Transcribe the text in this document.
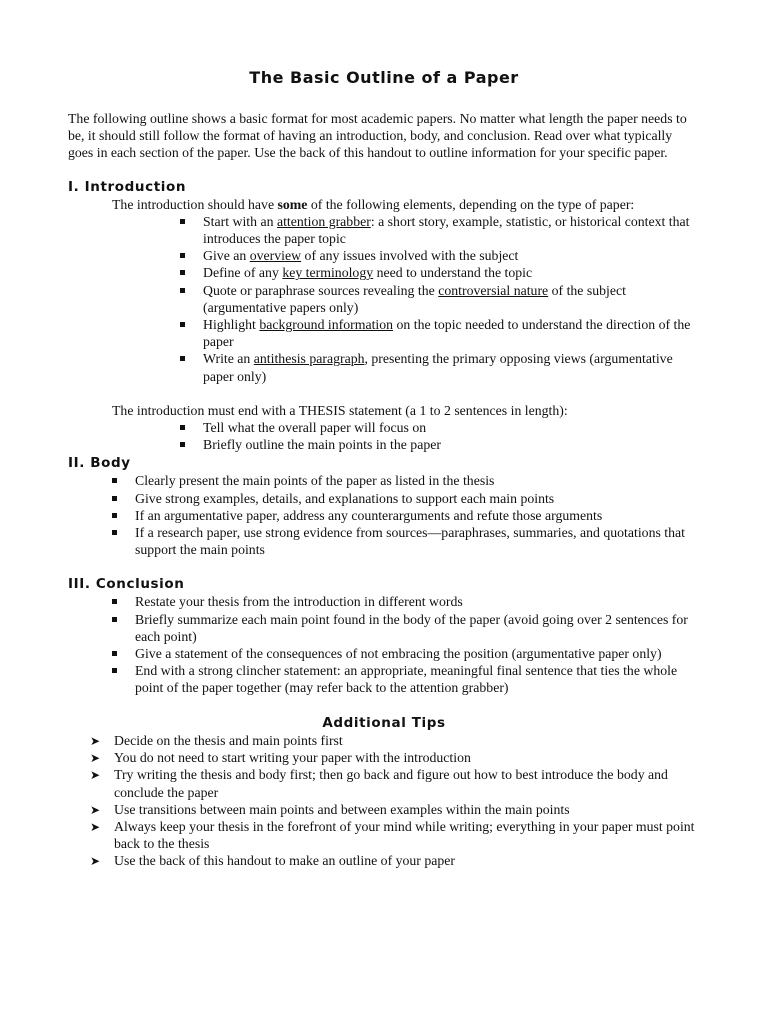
The Basic Outline of a Paper

The following outline shows a basic format for most academic papers. No matter what length the paper needs to be, it should still follow the format of having an introduction, body, and conclusion. Read over what typically goes in each section of the paper. Use the back of this handout to outline information for your specific paper.

I. Introduction
The introduction should have some of the following elements, depending on the type of paper:
Start with an attention grabber: a short story, example, statistic, or historical context that introduces the paper topic
Give an overview of any issues involved with the subject
Define of any key terminology need to understand the topic
Quote or paraphrase sources revealing the controversial nature of the subject (argumentative papers only)
Highlight background information on the topic needed to understand the direction of the paper
Write an antithesis paragraph, presenting the primary opposing views (argumentative paper only)
The introduction must end with a THESIS statement (a 1 to 2 sentences in length):
Tell what the overall paper will focus on
Briefly outline the main points in the paper
II. Body
Clearly present the main points of the paper as listed in the thesis
Give strong examples, details, and explanations to support each main points
If an argumentative paper, address any counterarguments and refute those arguments
If a research paper, use strong evidence from sources—paraphrases, summaries, and quotations that support the main points
III. Conclusion
Restate your thesis from the introduction in different words
Briefly summarize each main point found in the body of the paper (avoid going over 2 sentences for each point)
Give a statement of the consequences of not embracing the position (argumentative paper only)
End with a strong clincher statement: an appropriate, meaningful final sentence that ties the whole point of the paper together (may refer back to the attention grabber)
Additional Tips
➤ Decide on the thesis and main points first
➤ You do not need to start writing your paper with the introduction
➤ Try writing the thesis and body first; then go back and figure out how to best introduce the body and conclude the paper
➤ Use transitions between main points and between examples within the main points
➤ Always keep your thesis in the forefront of your mind while writing; everything in your paper must point back to the thesis
➤ Use the back of this handout to make an outline of your paper
